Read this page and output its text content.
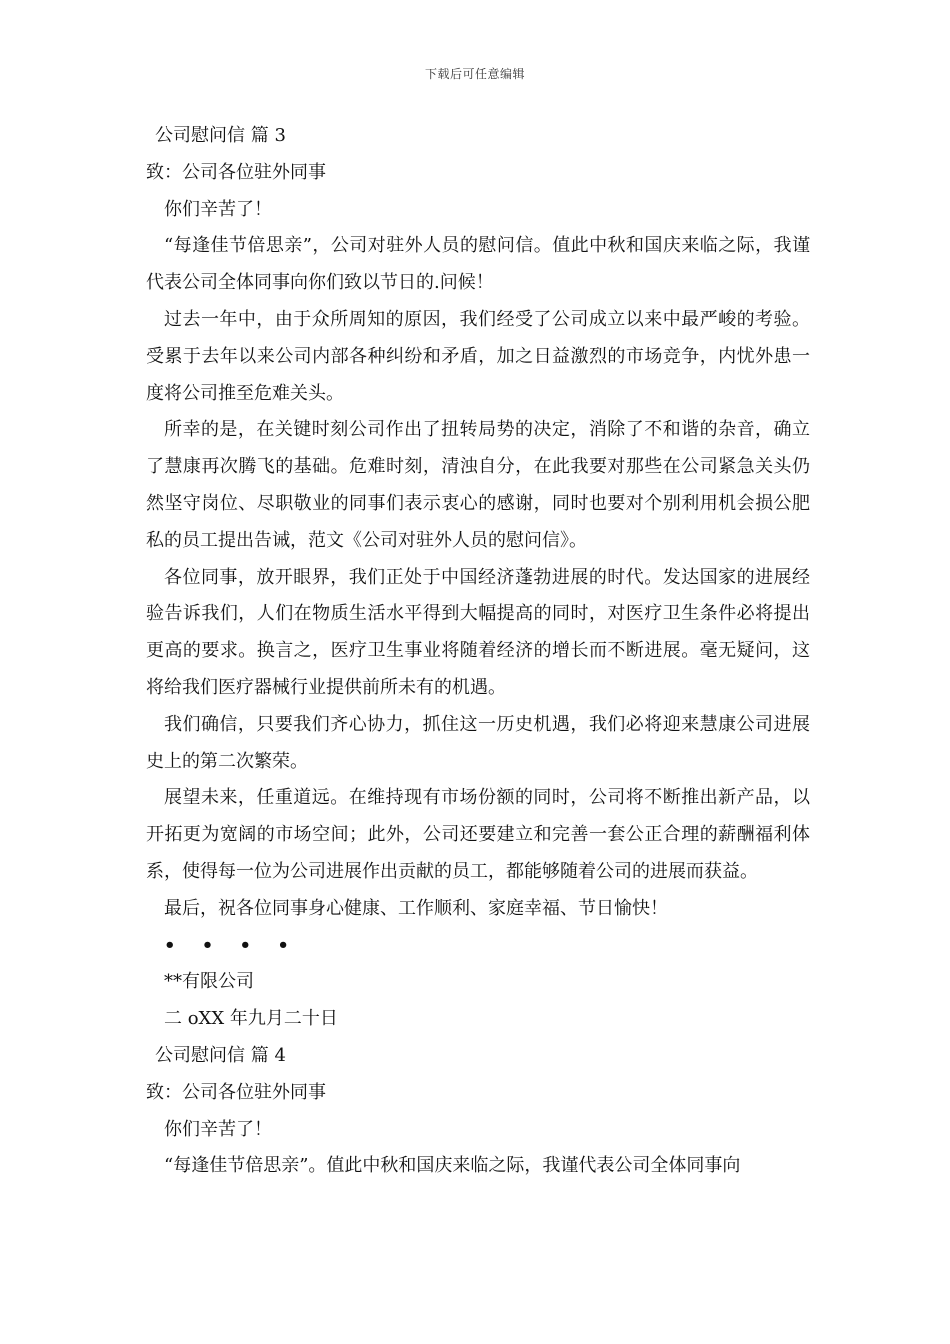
下载后可任意编辑
公司慰问信 篇 3
致：公司各位驻外同事
你们辛苦了！

“每逢佳节倍思亲”，公司对驻外人员的慰问信。值此中秋和国庆来临之际，我谨代表公司全体同事向你们致以节日的.问候！

过去一年中，由于众所周知的原因，我们经受了公司成立以来中最严峻的考验。受累于去年以来公司内部各种纠纷和矛盾，加之日益激烈的市场竞争，内忧外患一度将公司推至危难关头。

所幸的是，在关键时刻公司作出了扭转局势的决定，消除了不和谐的杂音，确立了慧康再次腾飞的基础。危难时刻，清浊自分，在此我要对那些在公司紧急关头仍然坚守岗位、尽职敬业的同事们表示衷心的感谢，同时也要对个别利用机会损公肥私的员工提出告诫，范文《公司对驻外人员的慰问信》。

各位同事，放开眼界，我们正处于中国经济蓬勃进展的时代。发达国家的进展经验告诉我们，人们在物质生活水平得到大幅提高的同时，对医疗卫生条件必将提出更高的要求。换言之，医疗卫生事业将随着经济的增长而不断进展。毫无疑问，这将给我们医疗器械行业提供前所未有的机遇。

我们确信，只要我们齐心协力，抓住这一历史机遇，我们必将迎来慧康公司进展史上的第二次繁荣。

展望未来，任重道远。在维持现有市场份额的同时，公司将不断推出新产品，以开拓更为宽阔的市场空间；此外，公司还要建立和完善一套公正合理的薪酬福利体系，使得每一位为公司进展作出贡献的员工，都能够随着公司的进展而获益。

最后，祝各位同事身心健康、工作顺利、家庭幸福、节日愉快！

• • • •
**有限公司
二 oXX 年九月二十日
公司慰问信 篇 4
致：公司各位驻外同事
你们辛苦了！

“每逢佳节倍思亲”。值此中秋和国庆来临之际，我谨代表公司全体同事向
